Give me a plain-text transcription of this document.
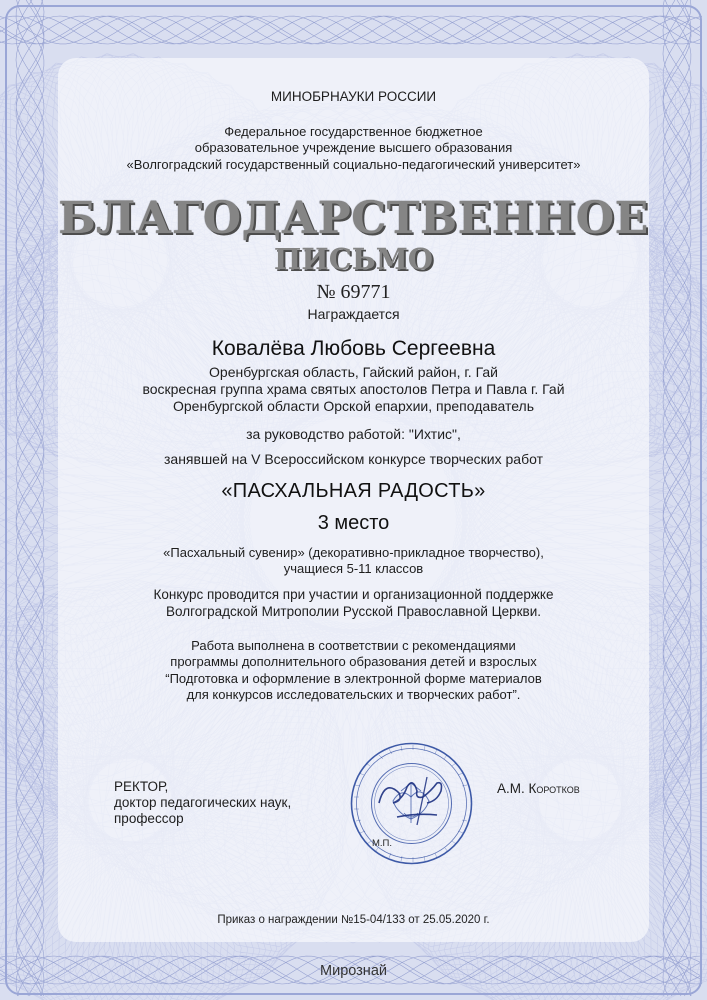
МИНОБРНАУКИ РОССИИ
Федеральное государственное бюджетное
образовательное учреждение высшего образования
«Волгоградский государственный социально-педагогический университет»
БЛАГОДАРСТВЕННОЕ
ПИСЬМО
№ 69771
Награждается
Ковалёва Любовь Сергеевна
Оренбургская область, Гайский район, г. Гай
воскресная группа храма святых апостолов Петра и Павла г. Гай
Оренбургской области Орской епархии, преподаватель
за руководство работой: "Ихтис",
занявшей на V Всероссийском конкурсе творческих работ
«ПАСХАЛЬНАЯ РАДОСТЬ»
3 место
«Пасхальный сувенир» (декоративно-прикладное творчество),
учащиеся 5-11 классов
Конкурс проводится при участии и организационной поддержке
Волгоградской Митрополии Русской Православной Церкви.
Работа выполнена в соответствии с рекомендациями
программы дополнительного образования детей и взрослых
“Подготовка и оформление в электронной форме материалов
для конкурсов исследовательских и творческих работ”.
РЕКТОР,
доктор педагогических наук,
профессор
М.П.
А.М. Коротков
Приказ о награждении №15-04/133 от 25.05.2020 г.
Мирознай
